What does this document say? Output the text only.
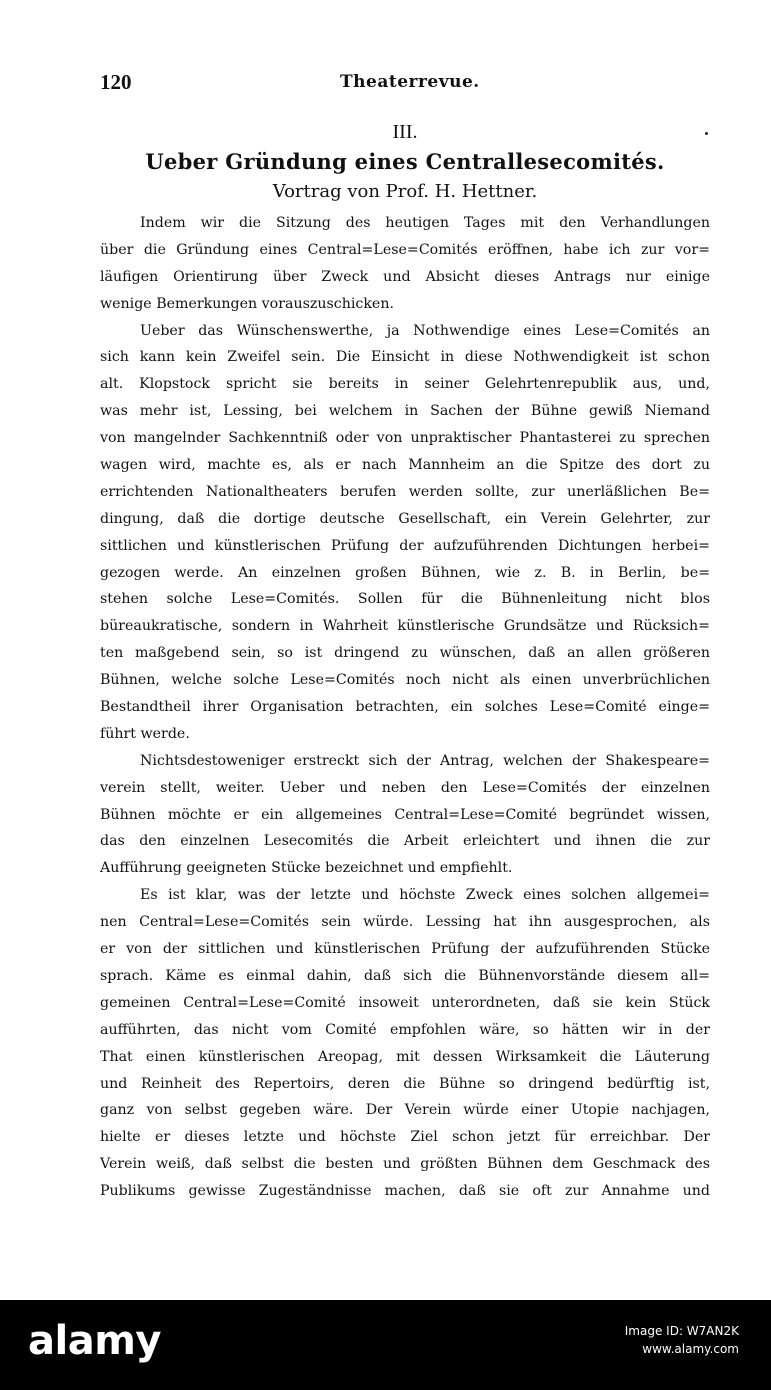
120	Theaterrevue.
III.
Ueber Gründung eines Centrallesecomités.
Vortrag von Prof. H. Hettner.
Indem wir die Sitzung des heutigen Tages mit den Verhandlungen
über die Gründung eines Central=Lese=Comités eröffnen, habe ich zur vor=
läufigen Orientirung über Zweck und Absicht dieses Antrags nur einige
wenige Bemerkungen vorauszuschicken.
Ueber das Wünschenswerthe, ja Nothwendige eines Lese=Comités an
sich kann kein Zweifel sein. Die Einsicht in diese Nothwendigkeit ist schon
alt. Klopstock spricht sie bereits in seiner Gelehrtenrepublik aus, und,
was mehr ist, Lessing, bei welchem in Sachen der Bühne gewiß Niemand
von mangelnder Sachkenntniß oder von unpraktischer Phantasterei zu sprechen
wagen wird, machte es, als er nach Mannheim an die Spitze des dort zu
errichtenden Nationaltheaters berufen werden sollte, zur unerläßlichen Be=
dingung, daß die dortige deutsche Gesellschaft, ein Verein Gelehrter, zur
sittlichen und künstlerischen Prüfung der aufzuführenden Dichtungen herbei=
gezogen werde. An einzelnen großen Bühnen, wie z. B. in Berlin, be=
stehen solche Lese=Comités. Sollen für die Bühnenleitung nicht blos
büreaukratische, sondern in Wahrheit künstlerische Grundsätze und Rücksich=
ten maßgebend sein, so ist dringend zu wünschen, daß an allen größeren
Bühnen, welche solche Lese=Comités noch nicht als einen unverbrüchlichen
Bestandtheil ihrer Organisation betrachten, ein solches Lese=Comité einge=
führt werde.
Nichtsdestoweniger erstreckt sich der Antrag, welchen der Shakespeare=
verein stellt, weiter. Ueber und neben den Lese=Comités der einzelnen
Bühnen möchte er ein allgemeines Central=Lese=Comité begründet wissen,
das den einzelnen Lesecomités die Arbeit erleichtert und ihnen die zur
Aufführung geeigneten Stücke bezeichnet und empfiehlt.
Es ist klar, was der letzte und höchste Zweck eines solchen allgemei=
nen Central=Lese=Comités sein würde. Lessing hat ihn ausgesprochen, als
er von der sittlichen und künstlerischen Prüfung der aufzuführenden Stücke
sprach. Käme es einmal dahin, daß sich die Bühnenvorstände diesem all=
gemeinen Central=Lese=Comité insoweit unterordneten, daß sie kein Stück
aufführten, das nicht vom Comité empfohlen wäre, so hätten wir in der
That einen künstlerischen Areopag, mit dessen Wirksamkeit die Läuterung
und Reinheit des Repertoirs, deren die Bühne so dringend bedürftig ist,
ganz von selbst gegeben wäre. Der Verein würde einer Utopie nachjagen,
hielte er dieses letzte und höchste Ziel schon jetzt für erreichbar. Der
Verein weiß, daß selbst die besten und größten Bühnen dem Geschmack des
Publikums gewisse Zugeständnisse machen, daß sie oft zur Annahme und
alamy	Image ID: W7AN2K
www.alamy.com
